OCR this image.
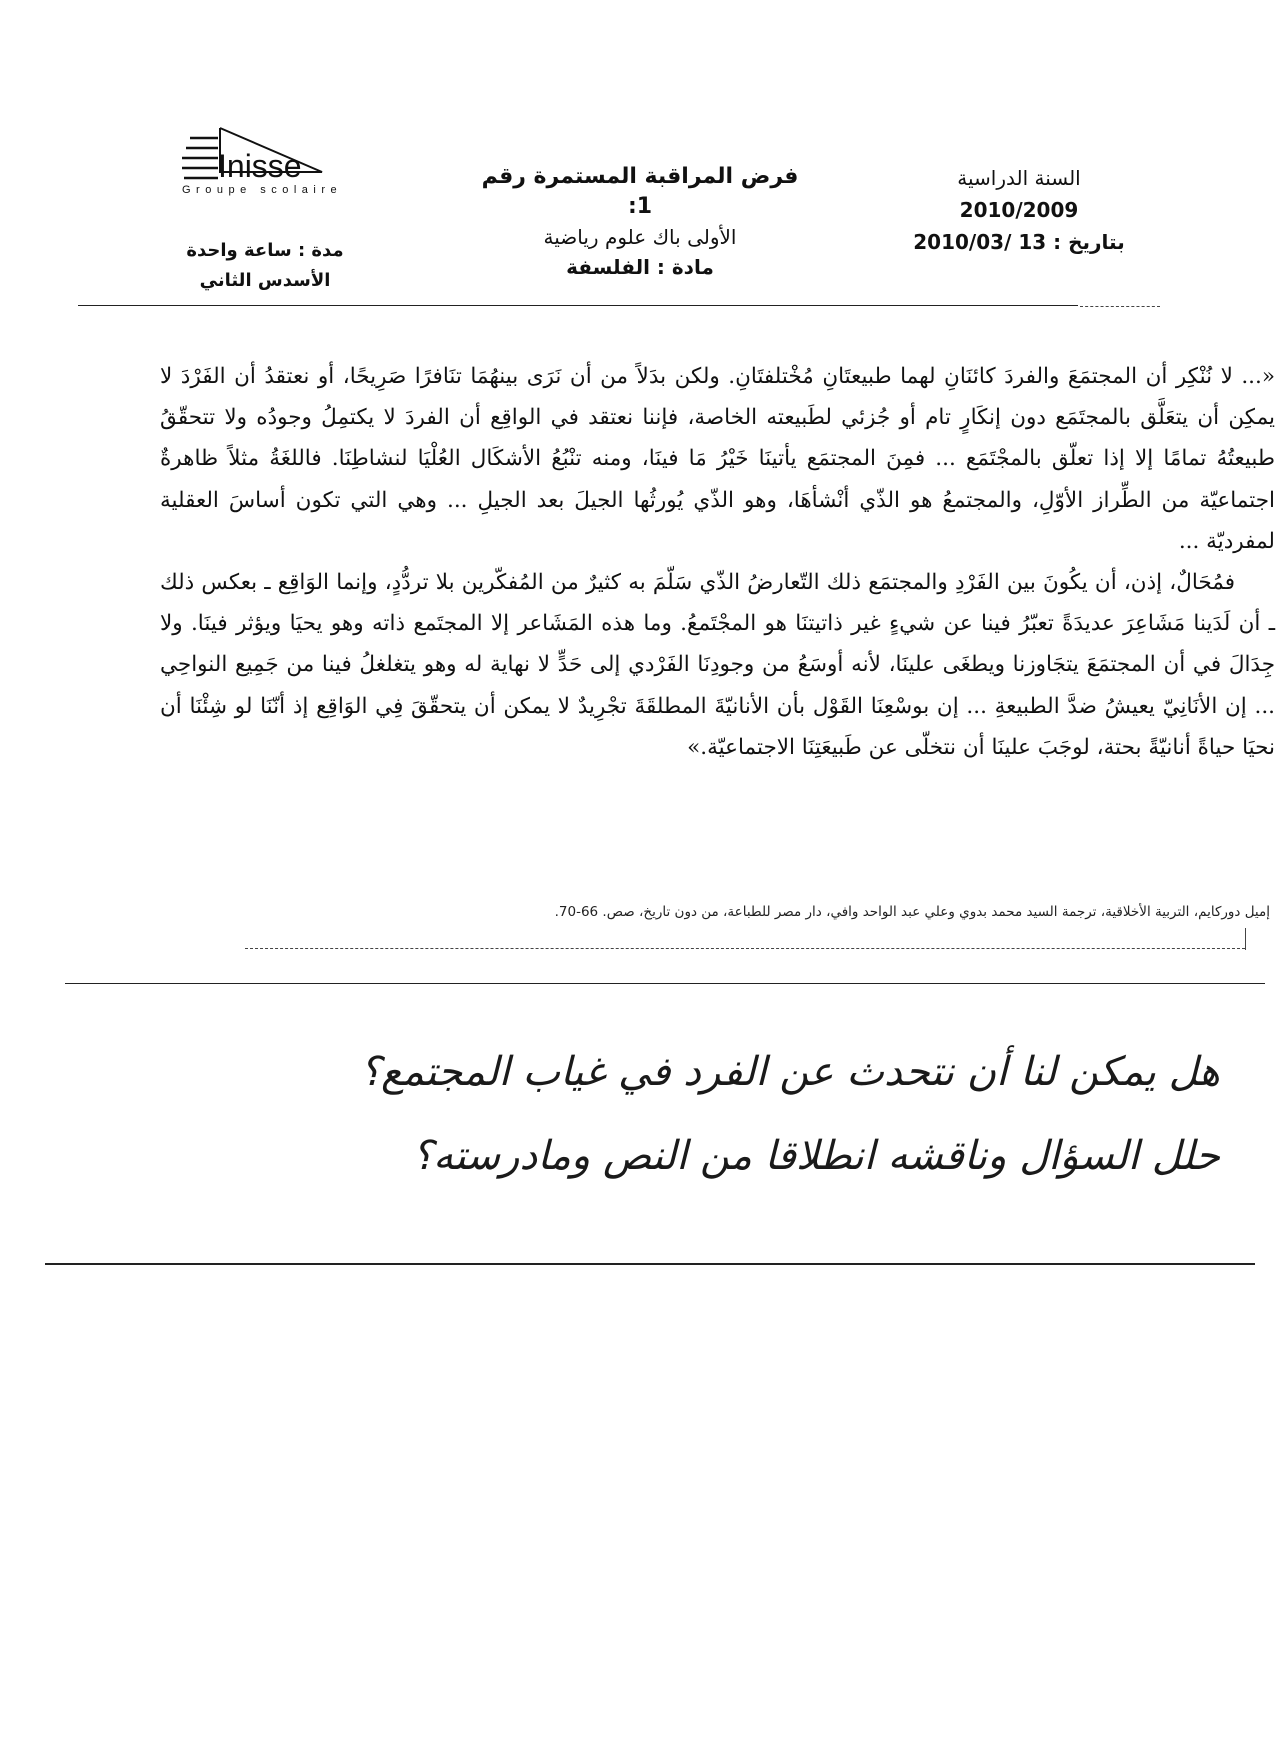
Inisse
Groupe scolaire	السنة الدراسية
2010/2009
بتاريخ : 13 /2010/03
فرض المراقبة المستمرة رقم 1:
الأولى باك علوم رياضية
مادة : الفلسفة
مدة : ساعة واحدة
الأسدس الثاني

«... لا نُنْكِر أن المجتمَعَ والفردَ كائنَانِ لهما طبيعتَانِ مُخْتلفتَانِ. ولكن بدَلاً من أن نَرَى بينهُمَا تنَافرًا صَرِيحًا، أو نعتقدُ أن الفَرْدَ لا يمكِن أن يتعَلَّق بالمجتَمَع دون إنكَارٍ تام أو جُزئي لطَبيعته الخاصة، فإننا نعتقد في الواقِع أن الفردَ لا يكتمِلُ وجودُه ولا تتحقّقُ طبيعتُهُ تمامًا إلا إذا تعلّق بالمجْتَمَع ... فمِنَ المجتمَع يأتينَا خَيْرُ مَا فينَا، ومنه تنْبُعُ الأشكَال العُلْيَا لنشاطِنَا. فاللغَةُ مثلاً ظاهرةٌ اجتماعيّة من الطِّراز الأوّلِ، والمجتمعُ هو الذّي أنْشأهَا، وهو الذّي يُورثُها الجيلَ بعد الجيلِ ... وهي التي تكون أساسَ العقلية لمفرديّة ...

فمُحَالٌ، إذن، أن يكُونَ بين الفَرْدِ والمجتمَع ذلك التّعارضُ الذّي سَلّمَ به كثيرٌ من المُفكّرين بلا تردُّدٍ، وإنما الوَاقِع ـ بعكس ذلك ـ أن لَدَينا مَشَاعِرَ عديدَةً تعبّرُ فينا عن شيءٍ غير ذاتيتنَا هو المجْتَمعُ. وما هذه المَشَاعر إلا المجتَمع ذاته وهو يحيَا ويؤثر فينَا. ولا جِدَالَ في أن المجتمَعَ يتجَاوزنا ويطغَى علينَا، لأنه أوسَعُ من وجودِنَا الفَرْدي إلى حَدٍّ لا نهاية له وهو يتغلغلُ فينا من جَمِيع النواحِي ... إن الأنَانِيّ يعيشُ ضدَّ الطبيعةِ ... إن بوسْعِنَا القَوْل بأن الأنانيّةَ المطلقَةَ تجْرِيدٌ لا يمكن أن يتحقّقَ فِي الوَاقِع إذ أنّنَا لو شِئْنَا أن نحيَا حياةً أنانيّةً بحتة، لوجَبَ علينَا أن نتخلّى عن طَبيعَتِنَا الاجتماعيّة.»

إميل دوركايم، التربية الأخلاقية، ترجمة السيد محمد بدوي وعلي عبد الواحد وافي، دار مصر للطباعة، من دون تاريخ، صص. 66-70.

هل يمكن لنا أن نتحدث عن الفرد في غياب المجتمع؟

حلل السؤال وناقشه انطلاقا من النص ومادرسته؟
